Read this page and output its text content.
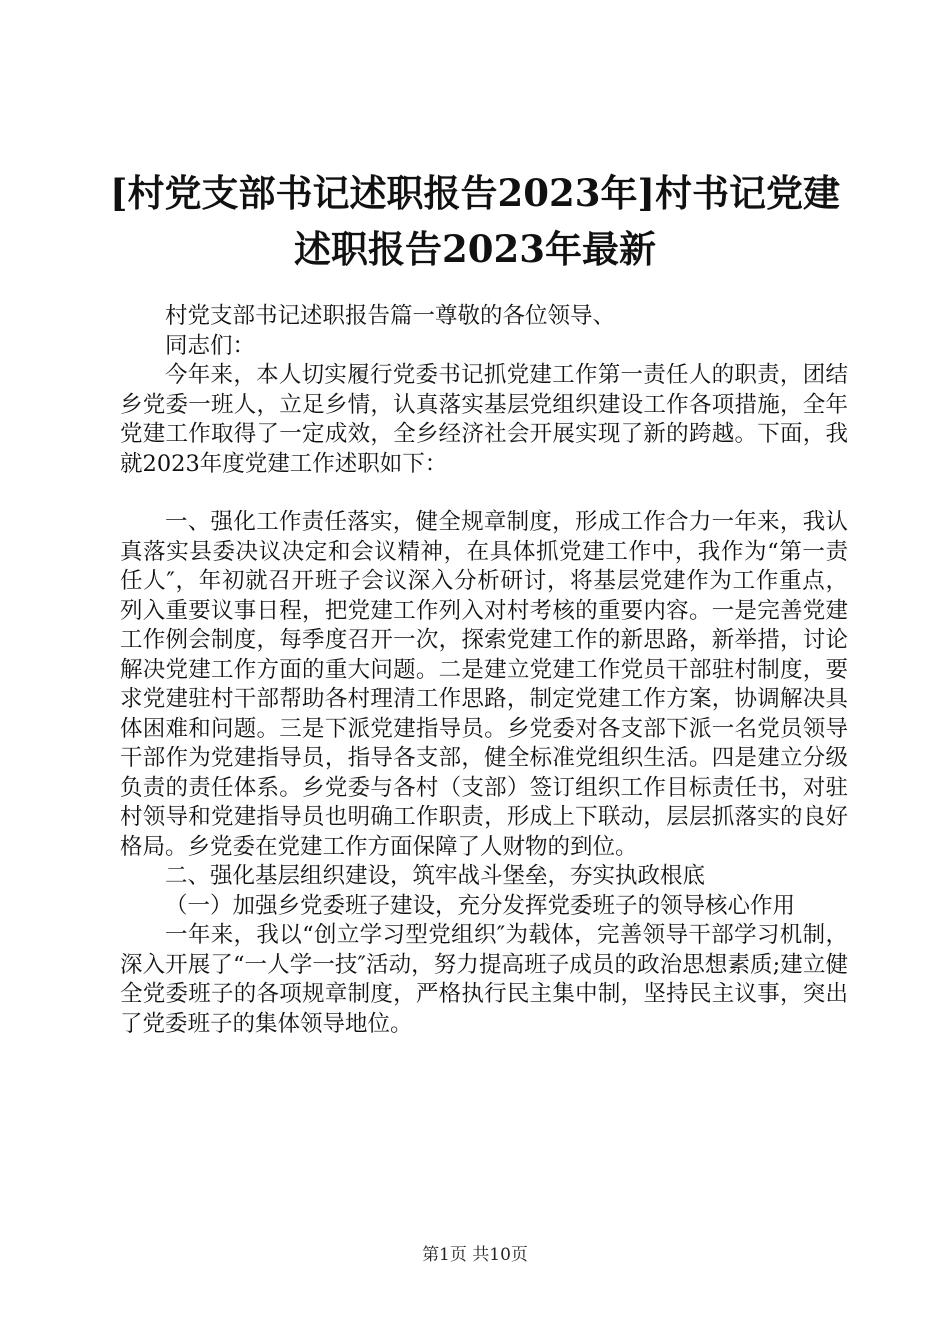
[村党支部书记述职报告2023年]村书记党建
述职报告2023年最新

村党支部书记述职报告篇一尊敬的各位领导、

同志们：

今年来，本人切实履行党委书记抓党建工作第一责任人的职责，团结乡党委一班人，立足乡情，认真落实基层党组织建设工作各项措施，全年党建工作取得了一定成效，全乡经济社会开展实现了新的跨越。下面，我就2023年度党建工作述职如下：

一、强化工作责任落实，健全规章制度，形成工作合力一年来，我认真落实县委决议决定和会议精神，在具体抓党建工作中，我作为“第一责任人″，年初就召开班子会议深入分析研讨，将基层党建作为工作重点，列入重要议事日程，把党建工作列入对村考核的重要内容。一是完善党建工作例会制度，每季度召开一次，探索党建工作的新思路，新举措，讨论解决党建工作方面的重大问题。二是建立党建工作党员干部驻村制度，要求党建驻村干部帮助各村理清工作思路，制定党建工作方案，协调解决具体困难和问题。三是下派党建指导员。乡党委对各支部下派一名党员领导干部作为党建指导员，指导各支部，健全标准党组织生活。四是建立分级负责的责任体系。乡党委与各村（支部）签订组织工作目标责任书，对驻村领导和党建指导员也明确工作职责，形成上下联动，层层抓落实的良好格局。乡党委在党建工作方面保障了人财物的到位。

二、强化基层组织建设，筑牢战斗堡垒，夯实执政根底

（一）加强乡党委班子建设，充分发挥党委班子的领导核心作用

一年来，我以“创立学习型党组织″为载体，完善领导干部学习机制，深入开展了“一人学一技″活动，努力提高班子成员的政治思想素质;建立健全党委班子的各项规章制度，严格执行民主集中制，坚持民主议事，突出了党委班子的集体领导地位。

第1页 共10页
